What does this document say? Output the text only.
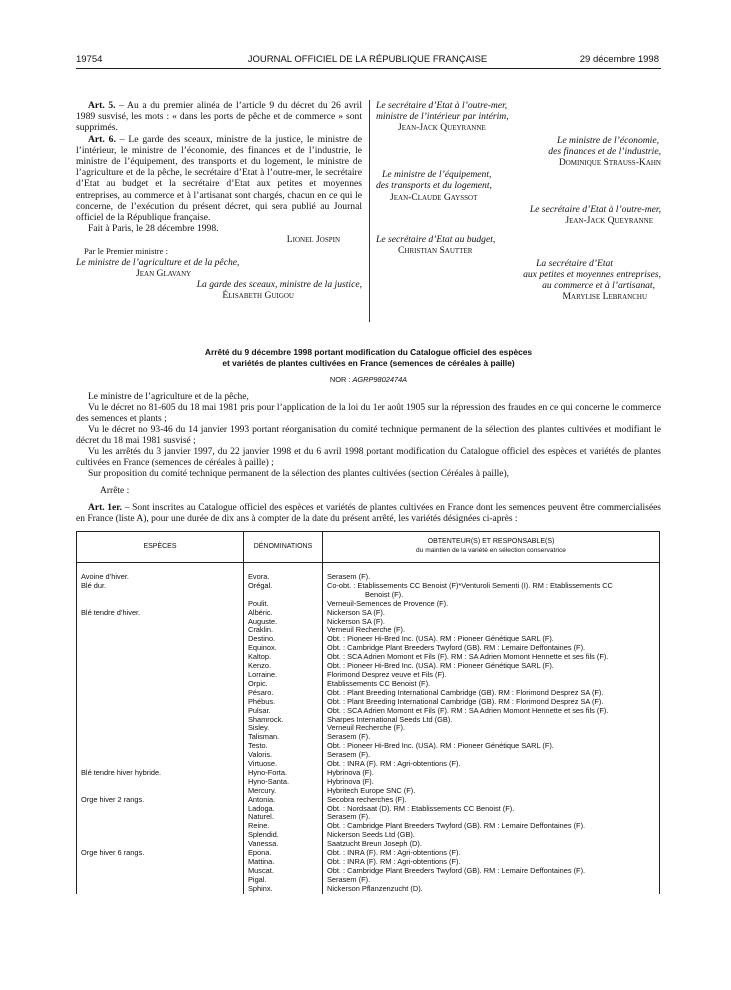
19754	JOURNAL OFFICIEL DE LA RÉPUBLIQUE FRANÇAISE	29 décembre 1998

Art. 5. – Au a du premier alinéa de l’article 9 du décret du 26 avril 1989 susvisé, les mots : « dans les ports de pêche et de commerce » sont supprimés.

Art. 6. – Le garde des sceaux, ministre de la justice, le ministre de l’intérieur, le ministre de l’économie, des finances et de l’industrie, le ministre de l’équipement, des transports et du logement, le ministre de l’agriculture et de la pêche, le secrétaire d’Etat à l’outre-mer, le secrétaire d’Etat au budget et la secrétaire d’Etat aux petites et moyennes entreprises, au commerce et à l’artisanat sont chargés, chacun en ce qui le concerne, de l’exécution du présent décret, qui sera publié au Journal officiel de la République française.

Fait à Paris, le 28 décembre 1998.

Lionel Jospin
Par le Premier ministre :
Le ministre de l’agriculture et de la pêche,
Jean Glavany
La garde des sceaux, ministre de la justice,
Élisabeth Guigou
Le secrétaire d’Etat à l’outre-mer,
ministre de l’intérieur par intérim,
Jean-Jack Queyranne
Le ministre de l’économie,
des finances et de l’industrie,
Dominique Strauss-Kahn
Le ministre de l’équipement,
des transports et du logement,
Jean-Claude Gayssot
Le secrétaire d’Etat à l’outre-mer,
Jean-Jack Queyranne
Le secrétaire d’Etat au budget,
Christian Sautter
La secrétaire d’Etat
aux petites et moyennes entreprises,
au commerce et à l’artisanat,
Marylise Lebranchu
Arrêté du 9 décembre 1998 portant modification du Catalogue officiel des espèces
et variétés de plantes cultivées en France (semences de céréales à paille)
NOR : AGRP9802474A

Le ministre de l’agriculture et de la pêche,

Vu le décret no 81-605 du 18 mai 1981 pris pour l’application de la loi du 1er août 1905 sur la répression des fraudes en ce qui concerne le commerce des semences et plants ;

Vu le décret no 93-46 du 14 janvier 1993 portant réorganisation du comité technique permanent de la sélection des plantes cultivées et modifiant le décret du 18 mai 1981 susvisé ;

Vu les arrêtés du 3 janvier 1997, du 22 janvier 1998 et du 6 avril 1998 portant modification du Catalogue officiel des espèces et variétés de plantes cultivées en France (semences de céréales à paille) ;

Sur proposition du comité technique permanent de la sélection des plantes cultivées (section Céréales à paille),

Arrête :

Art. 1er. – Sont inscrites au Catalogue officiel des espèces et variétés de plantes cultivées en France dont les semences peuvent être commercialisées en France (liste A), pour une durée de dix ans à compter de la date du présent arrêté, les variétés désignées ci-après :

ESPÈCES	DÉNOMINATIONS	OBTENTEUR(S) ET RESPONSABLE(S)
du maintien de la variété en sélection conservatrice

Avoine d’hiver.	Evora.	Serasem (F).
Blé dur.	Orégal.	Co-obt. : Etablissements CC Benoist (F)*Venturoli Sementi (I). RM : Etablissements CC
		Benoist (F).
	Poulit.	Verneuil-Semences de Provence (F).
Blé tendre d’hiver.	Albéric.	Nickerson SA (F).
	Auguste.	Nickerson SA (F).
	Craklin.	Verneuil Recherche (F).
	Destino.	Obt. : Pioneer Hi-Bred Inc. (USA). RM : Pioneer Génétique SARL (F).
	Equinox.	Obt. : Cambridge Plant Breeders Twyford (GB). RM : Lemaire Deffontaines (F).
	Kaltop.	Obt. : SCA Adrien Momont et Fils (F). RM : SA Adrien Momont Hennette et ses fils (F).
	Kenzo.	Obt. : Pioneer Hi-Bred Inc. (USA). RM : Pioneer Génétique SARL (F).
	Lorraine.	Florimond Desprez veuve et Fils (F).
	Orpic.	Etablissements CC Benoist (F).
	Pésaro.	Obt. : Plant Breeding International Cambridge (GB). RM : Florimond Desprez SA (F).
	Phébus.	Obt. : Plant Breeding International Cambridge (GB). RM : Florimond Desprez SA (F).
	Pulsar.	Obt. : SCA Adrien Momont et Fils (F). RM : SA Adrien Momont Hennette et ses fils (F).
	Shamrock.	Sharpes International Seeds Ltd (GB).
	Sisley.	Verneuil Recherche (F).
	Talisman.	Serasem (F).
	Testo.	Obt. : Pioneer Hi-Bred Inc. (USA). RM : Pioneer Génétique SARL (F).
	Valoris.	Serasem (F).
	Virtuose.	Obt. : INRA (F). RM : Agri-obtentions (F).
Blé tendre hiver hybride.	Hyno-Forta.	Hybrinova (F).
	Hyno-Santa.	Hybrinova (F).
	Mercury.	Hybritech Europe SNC (F).
Orge hiver 2 rangs.	Antonia.	Secobra recherches (F).
	Ladoga.	Obt. : Nordsaat (D). RM : Etablissements CC Benoist (F).
	Naturel.	Serasem (F).
	Reine.	Obt. : Cambridge Plant Breeders Twyford (GB). RM : Lemaire Deffontaines (F).
	Splendid.	Nickerson Seeds Ltd (GB).
	Vanessa.	Saatzucht Breun Joseph (D).
Orge hiver 6 rangs.	Epona.	Obt. : INRA (F). RM : Agri-obtentions (F).
	Mattina.	Obt. : INRA (F). RM : Agri-obtentions (F).
	Muscat.	Obt. : Cambridge Plant Breeders Twyford (GB). RM : Lemaire Deffontaines (F).
	Pigal.	Serasem (F).
	Sphinx.	Nickerson Pflanzenzucht (D).
